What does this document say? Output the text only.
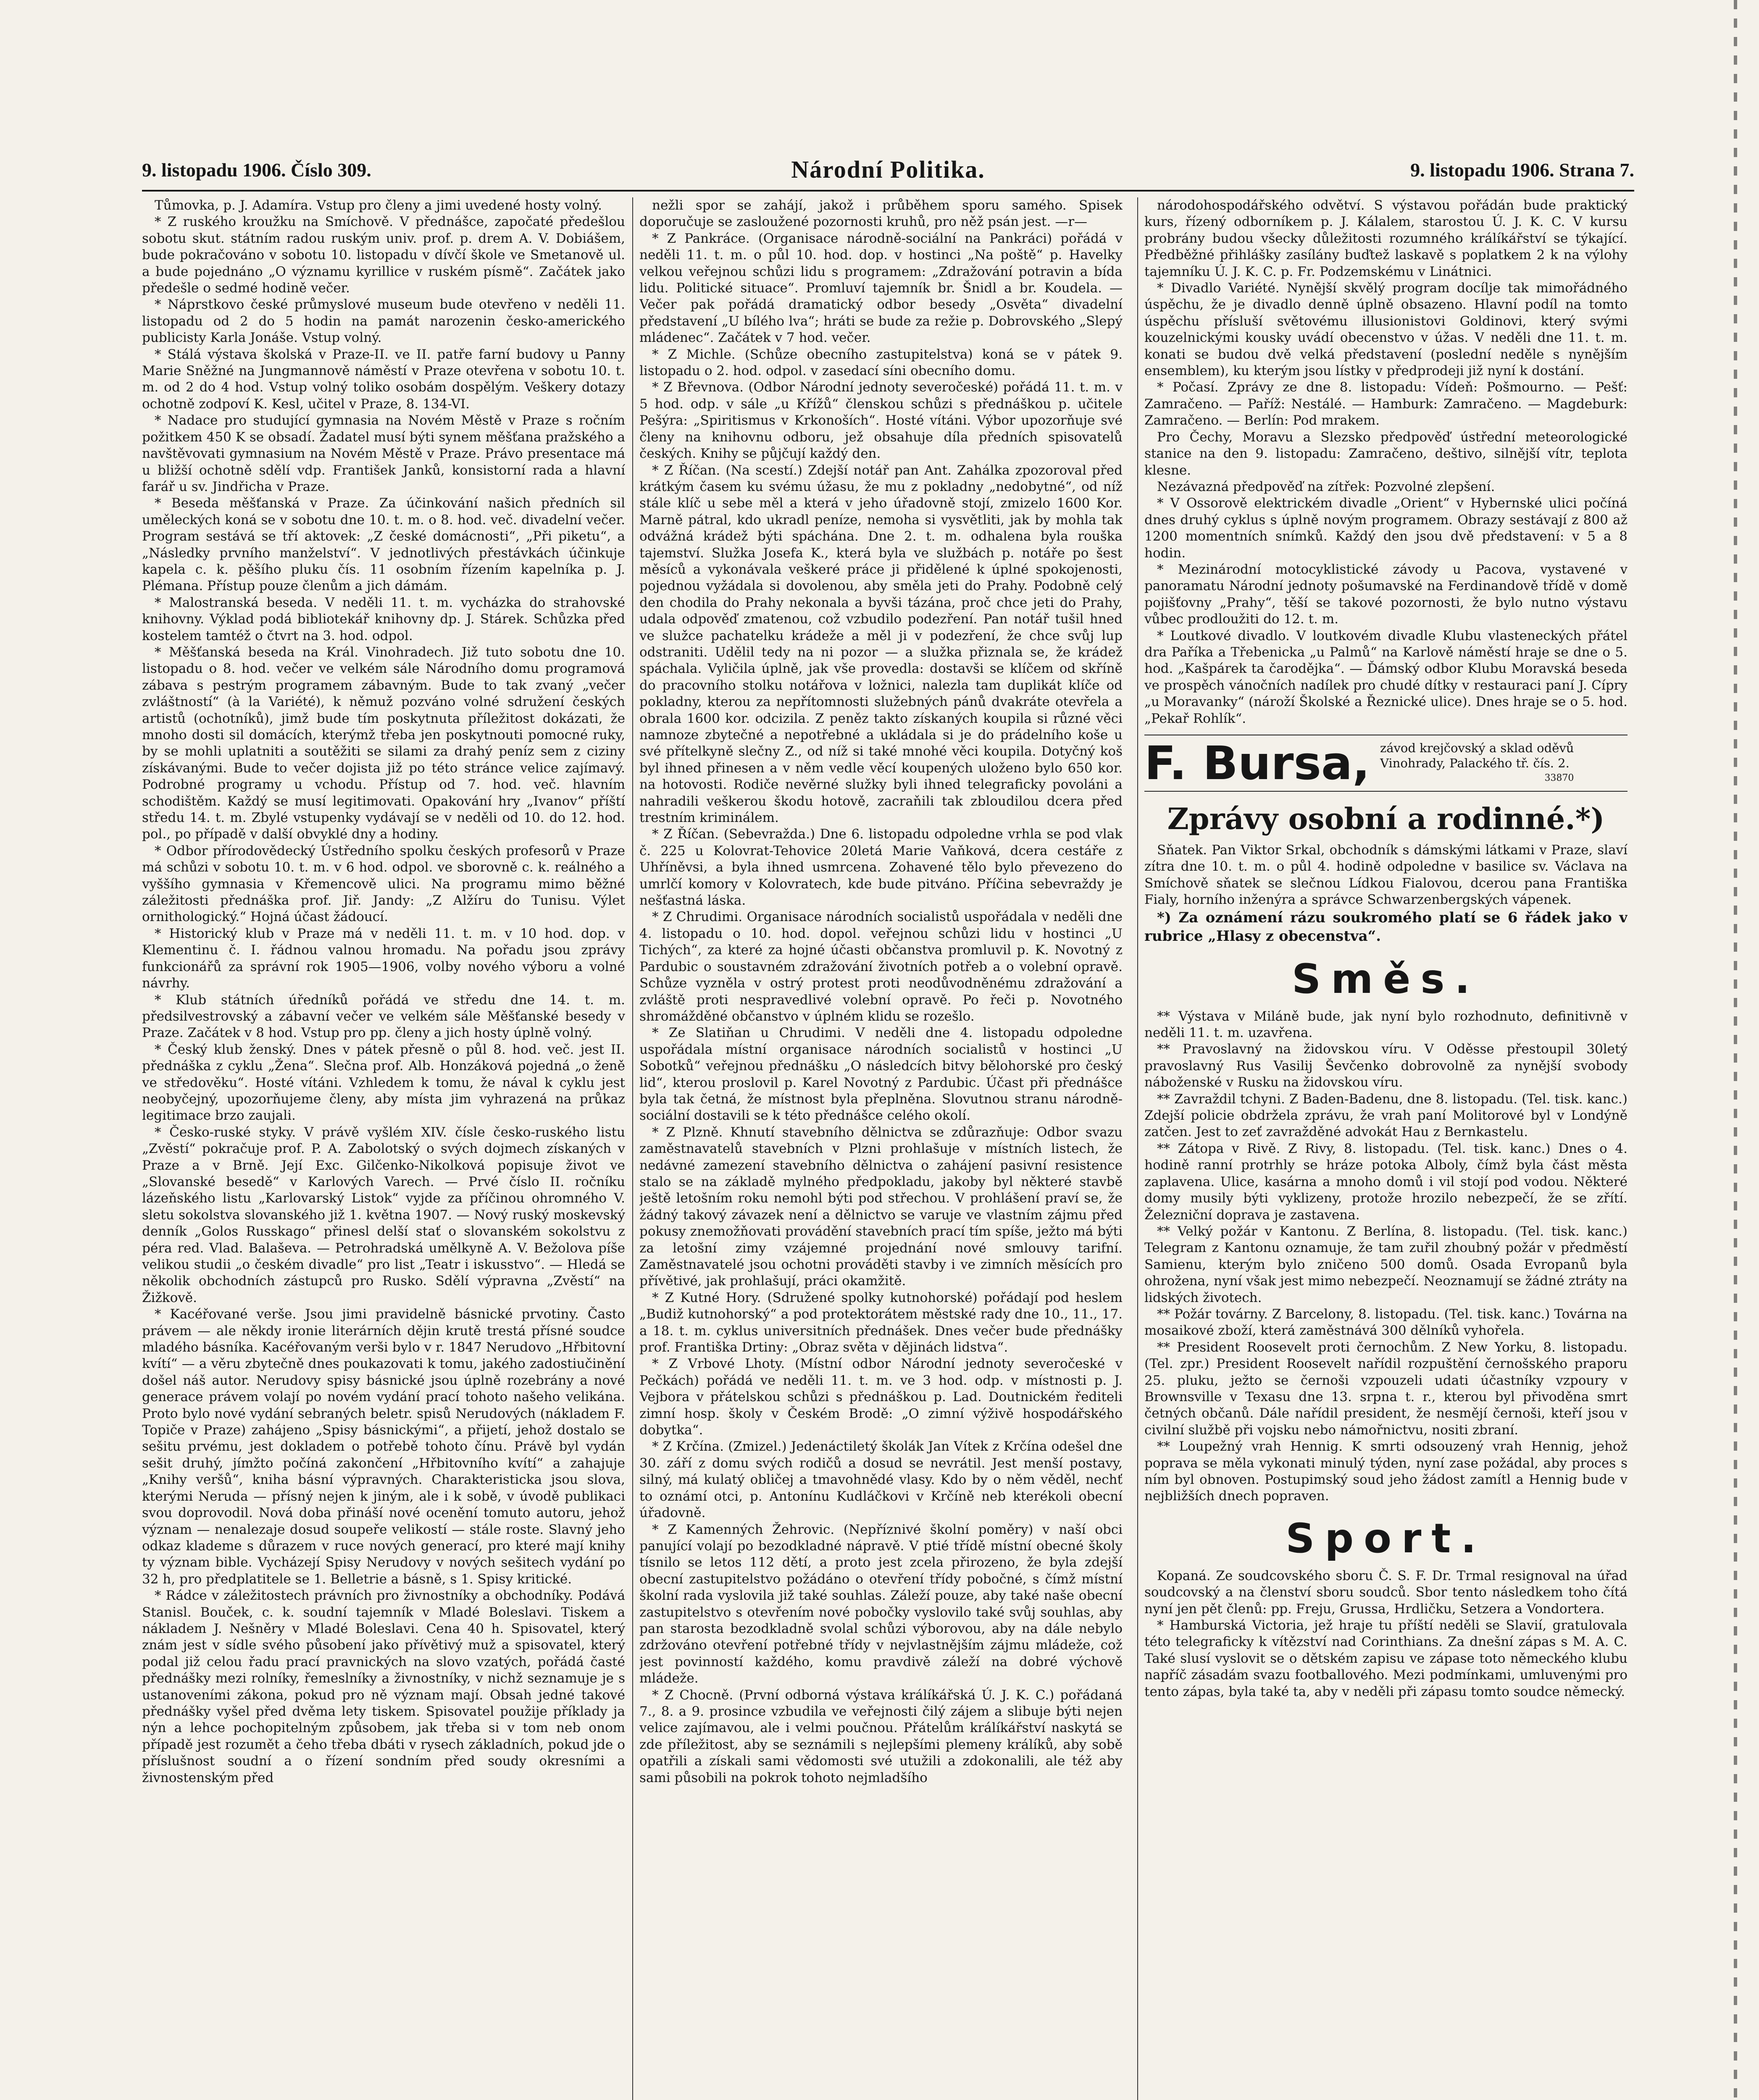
9. listopadu 1906. Číslo 309.	Národní Politika.	9. listopadu 1906. Strana 7.

Tůmovka, p. J. Adamíra. Vstup pro členy a jimi uvedené hosty volný.

* Z ruského kroužku na Smíchově. V přednášce, započaté předešlou sobotu skut. státním radou ruským univ. prof. p. drem A. V. Dobiášem, bude pokračováno v sobotu 10. listopadu v dívčí škole ve Smetanově ul. a bude pojednáno „O významu kyrillice v ruském písmě“. Začátek jako předešle o sedmé hodině večer.

* Náprstkovo české průmyslové museum bude otevřeno v neděli 11. listopadu od 2 do 5 hodin na památ narozenin česko-amerického publicisty Karla Jonáše. Vstup volný.

* Stálá výstava školská v Praze-II. ve II. patře farní budovy u Panny Marie Sněžné na Jungmannově náměstí v Praze otevřena v sobotu 10. t. m. od 2 do 4 hod. Vstup volný toliko osobám dospělým. Veškery dotazy ochotně zodpoví K. Kesl, učitel v Praze, 8. 134-VI.

* Nadace pro studující gymnasia na Novém Městě v Praze s ročním požitkem 450 K se obsadí. Žadatel musí býti synem měšťana pražského a navštěvovati gymnasium na Novém Městě v Praze. Právo presentace má u bližší ochotně sdělí vdp. František Janků, konsistorní rada a hlavní farář u sv. Jindřicha v Praze.

* Beseda měšťanská v Praze. Za účinkování našich předních sil uměleckých koná se v sobotu dne 10. t. m. o 8. hod. več. divadelní večer. Program sestává se tří aktovek: „Z české domácnosti“, „Při piketu“, a „Následky prvního manželství“. V jednotlivých přestávkách účinkuje kapela c. k. pěšího pluku čís. 11 osobním řízením kapelníka p. J. Plémana. Přístup pouze členům a jich dámám.

* Malostranská beseda. V neděli 11. t. m. vycházka do strahovské knihovny. Výklad podá bibliotekář knihovny dp. J. Stárek. Schůzka před kostelem tamtéž o čtvrt na 3. hod. odpol.

* Měšťanská beseda na Král. Vinohradech. Již tuto sobotu dne 10. listopadu o 8. hod. večer ve velkém sále Národního domu programová zábava s pestrým programem zábavným. Bude to tak zvaný „večer zvláštností“ (à la Variété), k němuž pozváno volné sdružení českých artistů (ochotníků), jimž bude tím poskytnuta příležitost dokázati, že mnoho dosti sil domácích, kterýmž třeba jen poskytnouti pomocné ruky, by se mohli uplatniti a soutěžiti se silami za drahý peníz sem z ciziny získávanými. Bude to večer dojista již po této stránce velice zajímavý. Podrobné programy u vchodu. Přístup od 7. hod. več. hlavním schodištěm. Každý se musí legitimovati. Opakování hry „Ivanov“ příští středu 14. t. m. Zbylé vstupenky vydávají se v neděli od 10. do 12. hod. pol., po případě v další obvyklé dny a hodiny.

* Odbor přírodovědecký Ústředního spolku českých profesorů v Praze má schůzi v sobotu 10. t. m. v 6 hod. odpol. ve sborovně c. k. reálného a vyššího gymnasia v Křemencově ulici. Na programu mimo běžné záležitosti přednáška prof. Jiř. Jandy: „Z Alžíru do Tunisu. Výlet ornithologický.“ Hojná účast žádoucí.

* Historický klub v Praze má v neděli 11. t. m. v 10 hod. dop. v Klementinu č. I. řádnou valnou hromadu. Na pořadu jsou zprávy funkcionářů za správní rok 1905—1906, volby nového výboru a volné návrhy.

* Klub státních úředníků pořádá ve středu dne 14. t. m. předsilvestrovský a zábavní večer ve velkém sále Měšťanské besedy v Praze. Začátek v 8 hod. Vstup pro pp. členy a jich hosty úplně volný.

* Český klub ženský. Dnes v pátek přesně o půl 8. hod. več. jest II. přednáška z cyklu „Žena“. Slečna prof. Alb. Honzáková pojedná „o ženě ve středověku“. Hosté vítáni. Vzhledem k tomu, že nával k cyklu jest neobyčejný, upozorňujeme členy, aby místa jim vyhrazená na průkaz legitimace brzo zaujali.

* Česko-ruské styky. V právě vyšlém XIV. čísle česko-ruského listu „Zvěstí“ pokračuje prof. P. A. Zabolotský o svých dojmech získaných v Praze a v Brně. Její Exc. Gilčenko-Nikolková popisuje život ve „Slovanské besedě“ v Karlových Varech. — Prvé číslo II. ročníku lázeňského listu „Karlovarský Listok“ vyjde za příčinou ohromného V. sletu sokolstva slovanského již 1. května 1907. — Nový ruský moskevský denník „Golos Russkago“ přinesl delší stať o slovanském sokolstvu z péra red. Vlad. Balaševa. — Petrohradská umělkyně A. V. Bežolova píše velikou studii „o českém divadle“ pro list „Teatr i iskusstvo“. — Hledá se několik obchodních zástupců pro Rusko. Sdělí výpravna „Zvěstí“ na Žižkově.

* Kacéřované verše. Jsou jimi pravidelně básnické prvotiny. Často právem — ale někdy ironie literárních dějin krutě trestá přísné soudce mladého básníka. Kacéřovaným verši bylo v r. 1847 Nerudovo „Hřbitovní kvítí“ — a věru zbytečně dnes poukazovati k tomu, jakého zadostiučinění došel náš autor. Nerudovy spisy básnické jsou úplně rozebrány a nové generace právem volají po novém vydání prací tohoto našeho velikána. Proto bylo nové vydání sebraných beletr. spisů Nerudových (nákladem F. Topiče v Praze) zahájeno „Spisy básnickými“, a přijetí, jehož dostalo se sešitu prvému, jest dokladem o potřebě tohoto čínu. Právě byl vydán sešit druhý, jímžto počíná zakončení „Hřbitovního kvítí“ a zahajuje „Knihy veršů“, kniha básní výpravných. Charakteristicka jsou slova, kterými Neruda — přísný nejen k jiným, ale i k sobě, v úvodě publikaci svou doprovodil. Nová doba přináší nové ocenění tomuto autoru, jehož význam — nenalezaje dosud soupeře velikostí — stále roste. Slavný jeho odkaz klademe s důrazem v ruce nových generací, pro které mají knihy ty význam bible. Vycházejí Spisy Nerudovy v nových sešitech vydání po 32 h, pro předplatitele se 1. Belletrie a básně, s 1. Spisy kritické.

* Rádce v záležitostech právních pro živnostníky a obchodníky. Podává Stanisl. Bouček, c. k. soudní tajemník v Mladé Boleslavi. Tiskem a nákladem J. Nešněry v Mladé Boleslavi. Cena 40 h. Spisovatel, který znám jest v sídle svého působení jako přívětivý muž a spisovatel, který podal již celou řadu prací pravnických na slovo vzatých, pořádá časté přednášky mezi rolníky, řemeslníky a živnostníky, v nichž seznamuje je s ustanoveními zákona, pokud pro ně význam mají. Obsah jedné takové přednášky vyšel před dvěma lety tiskem. Spisovatel použije příklady ja nýn a lehce pochopitelným způsobem, jak třeba si v tom neb onom případě jest rozumět a čeho třeba dbáti v rysech základních, pokud jde o příslušnost soudní a o řízení sondním před soudy okresními a živnostenským před

nežli spor se zahájí, jakož i průběhem sporu samého. Spisek doporučuje se zasloužené pozornosti kruhů, pro něž psán jest. —r—

* Z Pankráce. (Organisace národně-sociální na Pankráci) pořádá v neděli 11. t. m. o půl 10. hod. dop. v hostinci „Na poště“ p. Havelky velkou veřejnou schůzi lidu s programem: „Zdražování potravin a bída lidu. Politické situace“. Promluví tajemník br. Šnidl a br. Koudela. — Večer pak pořádá dramatický odbor besedy „Osvěta“ divadelní představení „U bílého lva“; hráti se bude za režie p. Dobrovského „Slepý mládenec“. Začátek v 7 hod. večer.

* Z Michle. (Schůze obecního zastupitelstva) koná se v pátek 9. listopadu o 2. hod. odpol. v zasedací síni obecního domu.

* Z Břevnova. (Odbor Národní jednoty severočeské) pořádá 11. t. m. v 5 hod. odp. v sále „u Křížů“ členskou schůzi s přednáškou p. učitele Pešýra: „Spiritismus v Krkonoších“. Hosté vítáni. Výbor upozorňuje své členy na knihovnu odboru, jež obsahuje díla předních spisovatelů českých. Knihy se půjčují každý den.

* Z Říčan. (Na scestí.) Zdejší notář pan Ant. Zahálka zpozoroval před krátkým časem ku svému úžasu, že mu z pokladny „nedobytné“, od níž stále klíč u sebe měl a která v jeho úřadovně stojí, zmizelo 1600 Kor. Marně pátral, kdo ukradl peníze, nemoha si vysvětliti, jak by mohla tak odvážná krádež býti spáchána. Dne 2. t. m. odhalena byla rouška tajemství. Služka Josefa K., která byla ve službách p. notáře po šest měsíců a vykonávala veškeré práce ji přidělené k úplné spokojenosti, pojednou vyžádala si dovolenou, aby směla jeti do Prahy. Podobně celý den chodila do Prahy nekonala a byvši tázána, proč chce jeti do Prahy, udala odpověď zmatenou, což vzbudilo podezření. Pan notář tušil hned ve služce pachatelku krádeže a měl ji v podezření, že chce svůj lup odstraniti. Udělil tedy na ni pozor — a služka přiznala se, že krádež spáchala. Vyličila úplně, jak vše provedla: dostavši se klíčem od skříně do pracovního stolku notářova v ložnici, nalezla tam duplikát klíče od pokladny, kterou za nepřítomnosti služebných pánů dvakráte otevřela a obrala 1600 kor. odcizila. Z peněz takto získaných koupila si různé věci namnoze zbytečné a nepotřebné a ukládala si je do prádelního koše u své přítelkyně slečny Z., od níž si také mnohé věci koupila. Dotyčný koš byl ihned přinesen a v něm vedle věcí koupených uloženo bylo 650 kor. na hotovosti. Rodiče nevěrné služky byli ihned telegraficky povoláni a nahradili veškerou škodu hotově, zacraňili tak zbloudilou dcera před trestním kriminálem.

* Z Říčan. (Sebevražda.) Dne 6. listopadu odpoledne vrhla se pod vlak č. 225 u Kolovrat-Tehovice 20letá Marie Vaňková, dcera cestáře z Uhříněvsi, a byla ihned usmrcena. Zohavené tělo bylo převezeno do umrlčí komory v Kolovratech, kde bude pitváno. Příčina sebevraždy je nešťastná láska.

* Z Chrudimi. Organisace národních socialistů uspořádala v neděli dne 4. listopadu o 10. hod. dopol. veřejnou schůzi lidu v hostinci „U Tichých“, za které za hojné účasti občanstva promluvil p. K. Novotný z Pardubic o soustavném zdražování životních potřeb a o volební opravě. Schůze vyzněla v ostrý protest proti neodůvodněnému zdražování a zvláště proti nespravedlivé volební opravě. Po řeči p. Novotného shromážděné občanstvo v úplném klidu se rozešlo.

* Ze Slatiňan u Chrudimi. V neděli dne 4. listopadu odpoledne uspořádala místní organisace národních socialistů v hostinci „U Sobotků“ veřejnou přednášku „O následcích bitvy bělohorské pro český lid“, kterou proslovil p. Karel Novotný z Pardubic. Účast při přednášce byla tak četná, že místnost byla přeplněna. Slovutnou stranu národně-sociální dostavili se k této přednášce celého okolí.

* Z Plzně. Khnutí stavebního dělnictva se zdůrazňuje: Odbor svazu zaměstnavatelů stavebních v Plzni prohlašuje v místních listech, že nedávné zamezení stavebního dělnictva o zahájení pasivní resistence stalo se na základě mylného předpokladu, jakoby byl některé stavbě ještě letošním roku nemohl býti pod střechou. V prohlášení praví se, že žádný takový závazek není a dělnictvo se varuje ve vlastním zájmu před pokusy znemožňovati provádění stavebních prací tím spíše, ježto má býti za letošní zimy vzájemné projednání nové smlouvy tarifní. Zaměstnavatelé jsou ochotni prováděti stavby i ve zimních měsících pro přívětivé, jak prohlašují, práci okamžitě.

* Z Kutné Hory. (Sdružené spolky kutnohorské) pořádají pod heslem „Budiž kutnohorský“ a pod protektorátem městské rady dne 10., 11., 17. a 18. t. m. cyklus universitních přednášek. Dnes večer bude přednášky prof. Františka Drtiny: „Obraz světa v dějinách lidstva“.

* Z Vrbové Lhoty. (Místní odbor Národní jednoty severočeské v Pečkách) pořádá ve neděli 11. t. m. ve 3 hod. odp. v místnosti p. J. Vejbora v přátelskou schůzi s přednáškou p. Lad. Doutnickém řediteli zimní hosp. školy v Českém Brodě: „O zimní výživě hospodářského dobytka“.

* Z Krčína. (Zmizel.) Jedenáctiletý školák Jan Vítek z Krčína odešel dne 30. září z domu svých rodičů a dosud se nevrátil. Jest menší postavy, silný, má kulatý obličej a tmavohnědé vlasy. Kdo by o něm věděl, nechť to oznámí otci, p. Antonínu Kudláčkovi v Krčíně neb kterékoli obecní úřadovně.

* Z Kamenných Žehrovic. (Nepříznivé školní poměry) v naší obci panující volají po bezodkladné nápravě. V ptié třídě místní obecné školy tísnilo se letos 112 dětí, a proto jest zcela přirozeno, že byla zdejší obecní zastupitelstvo požádáno o otevření třídy pobočné, s čímž místní školní rada vyslovila již také souhlas. Záleží pouze, aby také naše obecní zastupitelstvo s otevřením nové pobočky vyslovilo také svůj souhlas, aby pan starosta bezodkladně svolal schůzi výborovou, aby na dále nebylo zdržováno otevření potřebné třídy v nejvlastnějším zájmu mládeže, což jest povinností každého, komu pravdivě záleží na dobré výchově mládeže.

* Z Chocně. (První odborná výstava králíkářská Ú. J. K. C.) pořádaná 7., 8. a 9. prosince vzbudila ve veřejnosti čilý zájem a slibuje býti nejen velice zajímavou, ale i velmi poučnou. Přátelům králíkářství naskytá se zde příležitost, aby se seznámili s nejlepšími plemeny králíků, aby sobě opatřili a získali sami vědomosti své utužili a zdokonalili, ale též aby sami působili na pokrok tohoto nejmladšího

národohospodářského odvětví. S výstavou pořádán bude praktický kurs, řízený odborníkem p. J. Kálalem, starostou Ú. J. K. C. V kursu probrány budou všecky důležitosti rozumného králíkářství se týkající. Předběžné přihlášky zasílány buďtež laskavě s poplatkem 2 k na výlohy tajemníku Ú. J. K. C. p. Fr. Podzemskému v Linátnici.

* Divadlo Variété. Nynější skvělý program docílje tak mimořádného úspěchu, že je divadlo denně úplně obsazeno. Hlavní podíl na tomto úspěchu přísluší světovému illusionistovi Goldinovi, který svými kouzelnickými kousky uvádí obecenstvo v úžas. V neděli dne 11. t. m. konati se budou dvě velká představení (poslední neděle s nynějším ensemblem), ku kterým jsou lístky v předprodeji již nyní k dostání.

* Počasí. Zprávy ze dne 8. listopadu: Vídeň: Pošmourno. — Pešť: Zamračeno. — Paříž: Nestálé. — Hamburk: Zamračeno. — Magdeburk: Zamračeno. — Berlín: Pod mrakem.

Pro Čechy, Moravu a Slezsko předpověď ústřední meteorologické stanice na den 9. listopadu: Zamračeno, deštivo, silnější vítr, teplota klesne.

Nezávazná předpověď na zítřek: Pozvolné zlepšení.

* V Ossorově elektrickém divadle „Orient“ v Hybernské ulici počíná dnes druhý cyklus s úplně novým programem. Obrazy sestávají z 800 až 1200 momentních snímků. Každý den jsou dvě představení: v 5 a 8 hodin.

* Mezinárodní motocyklistické závody u Pacova, vystavené v panoramatu Národní jednoty pošumavské na Ferdinandově třídě v domě pojišťovny „Prahy“, těší se takové pozornosti, že bylo nutno výstavu vůbec prodloužiti do 12. t. m.

* Loutkové divadlo. V loutkovém divadle Klubu vlasteneckých přátel dra Paříka a Třebenicka „u Palmů“ na Karlově náměstí hraje se dne o 5. hod. „Kašpárek ta čarodějka“. — Ďámský odbor Klubu Moravská beseda ve prospěch vánočních nadílek pro chudé dítky v restauraci paní J. Cípry „u Moravanky“ (nároží Školské a Řeznické ulice). Dnes hraje se o 5. hod. „Pekař Rohlík“.

F. Bursa, závod krejčovský a sklad oděvů
Vinohrady, Palackého tř. čís. 2.
33870
Zprávy osobní a rodinné.*)

Sňatek. Pan Viktor Srkal, obchodník s dámskými látkami v Praze, slaví zítra dne 10. t. m. o půl 4. hodině odpoledne v basilice sv. Václava na Smíchově sňatek se slečnou Lídkou Fialovou, dcerou pana Františka Fialy, horního inženýra a správce Schwarzenbergských vápenek.

*) Za oznámení rázu soukromého platí se 6 řádek jako v rubrice „Hlasy z obecenstva“.

Směs.

** Výstava v Miláně bude, jak nyní bylo rozhodnuto, definitivně v neděli 11. t. m. uzavřena.

** Pravoslavný na židovskou víru. V Oděsse přestoupil 30letý pravoslavný Rus Vasilij Ševčenko dobrovolně za nynější svobody náboženské v Rusku na židovskou víru.

** Zavraždil tchyni. Z Baden-Badenu, dne 8. listopadu. (Tel. tisk. kanc.) Zdejší policie obdržela zprávu, že vrah paní Molitorové byl v Londýně zatčen. Jest to zeť zavražděné advokát Hau z Bernkastelu.

** Zátopa v Rivě. Z Rivy, 8. listopadu. (Tel. tisk. kanc.) Dnes o 4. hodině ranní protrhly se hráze potoka Alboly, čímž byla část města zaplavena. Ulice, kasárna a mnoho domů i vil stojí pod vodou. Některé domy musily býti vyklizeny, protože hrozilo nebezpečí, že se zřítí. Železniční doprava je zastavena.

** Velký požár v Kantonu. Z Berlína, 8. listopadu. (Tel. tisk. kanc.) Telegram z Kantonu oznamuje, že tam zuřil zhoubný požár v předměstí Samienu, kterým bylo zničeno 500 domů. Osada Evropanů byla ohrožena, nyní však jest mimo nebezpečí. Neoznamují se žádné ztráty na lidských životech.

** Požár továrny. Z Barcelony, 8. listopadu. (Tel. tisk. kanc.) Továrna na mosaikové zboží, která zaměstnává 300 dělníků vyhořela.

** President Roosevelt proti černochům. Z New Yorku, 8. listopadu. (Tel. zpr.) President Roosevelt nařídil rozpuštění černošského praporu 25. pluku, ježto se černoši vzpouzeli udati účastníky vzpoury v Brownsville v Texasu dne 13. srpna t. r., kterou byl přivoděna smrt četných občanů. Dále nařídil president, že nesmějí černoši, kteří jsou v civilní službě při vojsku nebo námořnictvu, nositi zbraní.

** Loupežný vrah Hennig. K smrti odsouzený vrah Hennig, jehož poprava se měla vykonati minulý týden, nyní zase požádal, aby proces s ním byl obnoven. Postupimský soud jeho žádost zamítl a Hennig bude v nejbližších dnech popraven.

Sport.

Kopaná. Ze soudcovského sboru Č. S. F. Dr. Trmal resignoval na úřad soudcovský a na členství sboru soudců. Sbor tento následkem toho čítá nyní jen pět členů: pp. Freju, Grussa, Hrdličku, Setzera a Vondortera.

* Hamburská Victoria, jež hraje tu příští neděli se Slavií, gratulovala této telegraficky k vítězství nad Corinthians. Za dnešní zápas s M. A. C. Také slusí vyslovit se o dětském zapisu ve zápase toto německého klubu napříč zásadám svazu footballového. Mezi podmínkami, umluvenými pro tento zápas, byla také ta, aby v neděli při zápasu tomto soudce německý.
